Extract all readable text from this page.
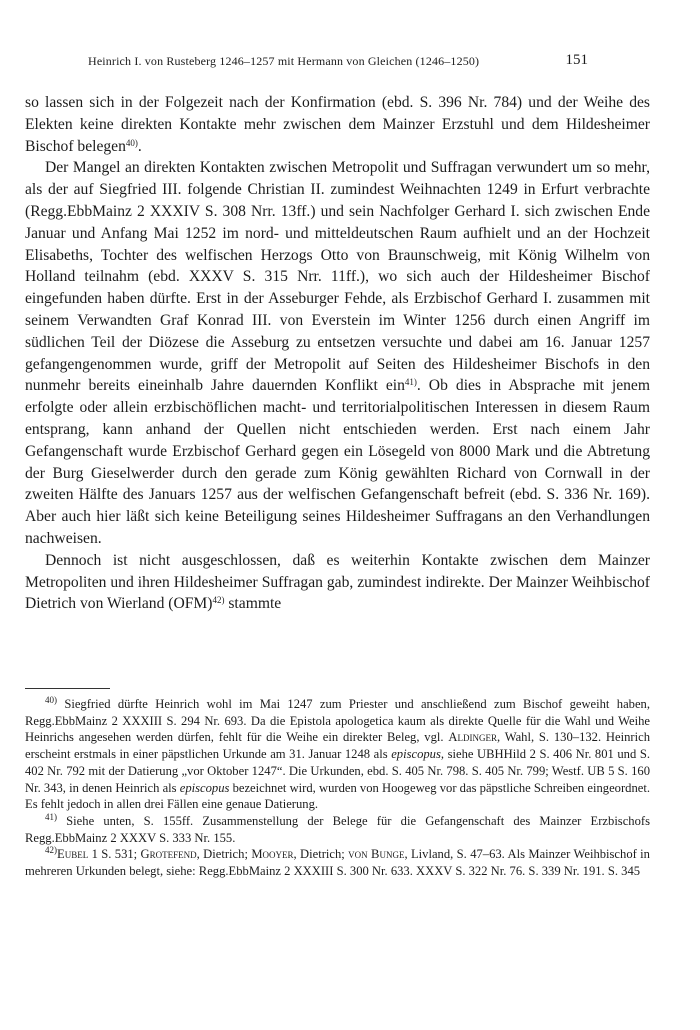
Heinrich I. von Rusteberg 1246–1257 mit Hermann von Gleichen (1246–1250)	151

so lassen sich in der Folgezeit nach der Konfirmation (ebd. S. 396 Nr. 784) und der Weihe des Elekten keine direkten Kontakte mehr zwischen dem Mainzer Erzstuhl und dem Hildesheimer Bischof belegen$^{40)}$.

Der Mangel an direkten Kontakten zwischen Metropolit und Suffragan verwundert um so mehr, als der auf Siegfried III. folgende Christian II. zumindest Weihnachten 1249 in Erfurt verbrachte (Regg.EbbMainz 2 XXXIV S. 308 Nrr. 13ff.) und sein Nachfolger Gerhard I. sich zwischen Ende Januar und Anfang Mai 1252 im nord- und mitteldeutschen Raum aufhielt und an der Hochzeit Elisabeths, Tochter des welfischen Herzogs Otto von Braunschweig, mit König Wilhelm von Holland teilnahm (ebd. XXXV S. 315 Nrr. 11ff.), wo sich auch der Hildesheimer Bischof eingefunden haben dürfte. Erst in der Asseburger Fehde, als Erzbischof Gerhard I. zusammen mit seinem Verwandten Graf Konrad III. von Everstein im Winter 1256 durch einen Angriff im südlichen Teil der Diözese die Asseburg zu entsetzen versuchte und dabei am 16. Januar 1257 gefangengenommen wurde, griff der Metropolit auf Seiten des Hildesheimer Bischofs in den nunmehr bereits eineinhalb Jahre dauernden Konflikt ein$^{41)}$. Ob dies in Absprache mit jenem erfolgte oder allein erzbischöflichen macht- und territorialpolitischen Interessen in diesem Raum entsprang, kann anhand der Quellen nicht entschieden werden. Erst nach einem Jahr Gefangenschaft wurde Erzbischof Gerhard gegen ein Lösegeld von 8000 Mark und die Abtretung der Burg Gieselwerder durch den gerade zum König gewählten Richard von Cornwall in der zweiten Hälfte des Januars 1257 aus der welfischen Gefangenschaft befreit (ebd. S. 336 Nr. 169). Aber auch hier läßt sich keine Beteiligung seines Hildesheimer Suffragans an den Verhandlungen nachweisen.

Dennoch ist nicht ausgeschlossen, daß es weiterhin Kontakte zwischen dem Mainzer Metropoliten und ihren Hildesheimer Suffragan gab, zumindest indirekte. Der Mainzer Weihbischof Dietrich von Wierland (OFM)$^{42)}$ stammte

$^{40)}$ Siegfried dürfte Heinrich wohl im Mai 1247 zum Priester und anschließend zum Bischof geweiht haben, Regg.EbbMainz 2 XXXIII S. 294 Nr. 693. Da die Epistola apologetica kaum als direkte Quelle für die Wahl und Weihe Heinrichs angesehen werden dürfen, fehlt für die Weihe ein direkter Beleg, vgl. Aldinger, Wahl, S. 130–132. Heinrich erscheint erstmals in einer päpstlichen Urkunde am 31. Januar 1248 als episcopus, siehe UBHHild 2 S. 406 Nr. 801 und S. 402 Nr. 792 mit der Datierung „vor Oktober 1247“. Die Urkunden, ebd. S. 405 Nr. 798. S. 405 Nr. 799; Westf. UB 5 S. 160 Nr. 343, in denen Heinrich als episcopus bezeichnet wird, wurden von Hoogeweg vor das päpstliche Schreiben eingeordnet. Es fehlt jedoch in allen drei Fällen eine genaue Datierung.

$^{41)}$ Siehe unten, S. 155ff. Zusammenstellung der Belege für die Gefangenschaft des Mainzer Erzbischofs Regg.EbbMainz 2 XXXV S. 333 Nr. 155.

$^{42)}$Eubel 1 S. 531; Grotefend, Dietrich; Mooyer, Dietrich; von Bunge, Livland, S. 47–63. Als Mainzer Weihbischof in mehreren Urkunden belegt, siehe: Regg.EbbMainz 2 XXXIII S. 300 Nr. 633. XXXV S. 322 Nr. 76. S. 339 Nr. 191. S. 345
